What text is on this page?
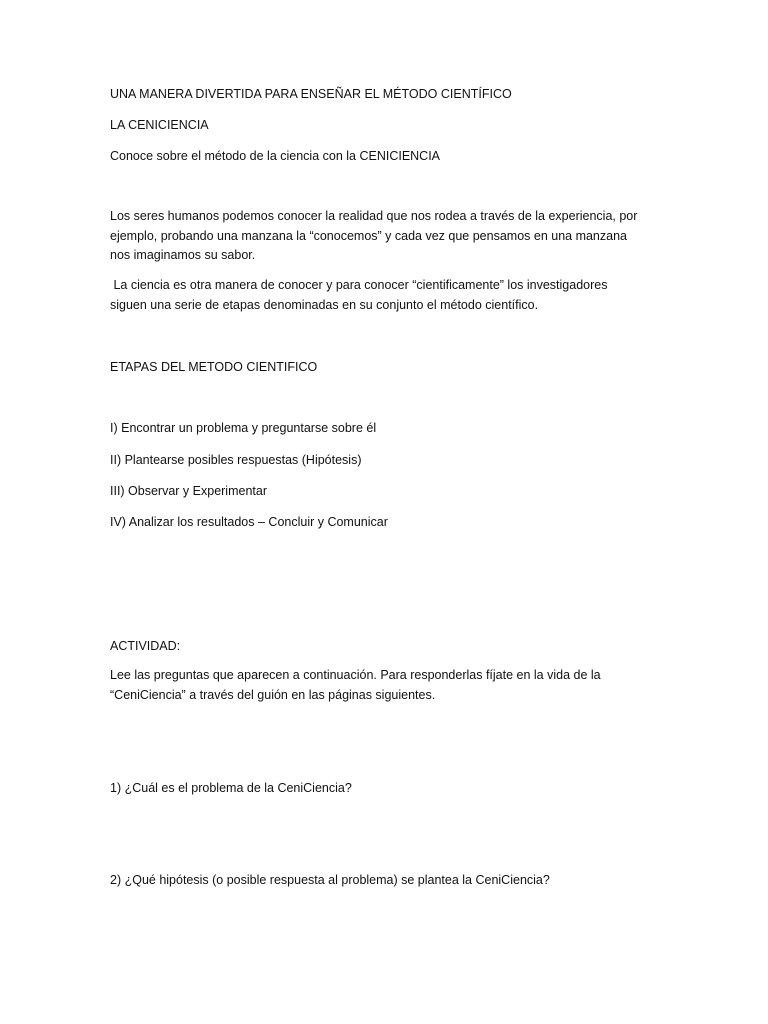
UNA MANERA DIVERTIDA PARA ENSEÑAR EL MÉTODO CIENTÍFICO

LA CENICIENCIA

Conoce sobre el método de la ciencia con la CENICIENCIA

Los seres humanos podemos conocer la realidad que nos rodea a través de la experiencia, por
ejemplo, probando una manzana la “conocemos” y cada vez que pensamos en una manzana
nos imaginamos su sabor.
La ciencia es otra manera de conocer y para conocer “cientificamente” los investigadores
siguen una serie de etapas denominadas en su conjunto el método científico.

ETAPAS DEL METODO CIENTIFICO

I) Encontrar un problema y preguntarse sobre él

II) Plantearse posibles respuestas (Hipótesis)

III) Observar y Experimentar

IV) Analizar los resultados – Concluir y Comunicar

ACTIVIDAD:

Lee las preguntas que aparecen a continuación. Para responderlas fíjate en la vida de la
“CeniCiencia” a través del guión en las páginas siguientes.

1) ¿Cuál es el problema de la CeniCiencia?

2) ¿Qué hipótesis (o posible respuesta al problema) se plantea la CeniCiencia?
